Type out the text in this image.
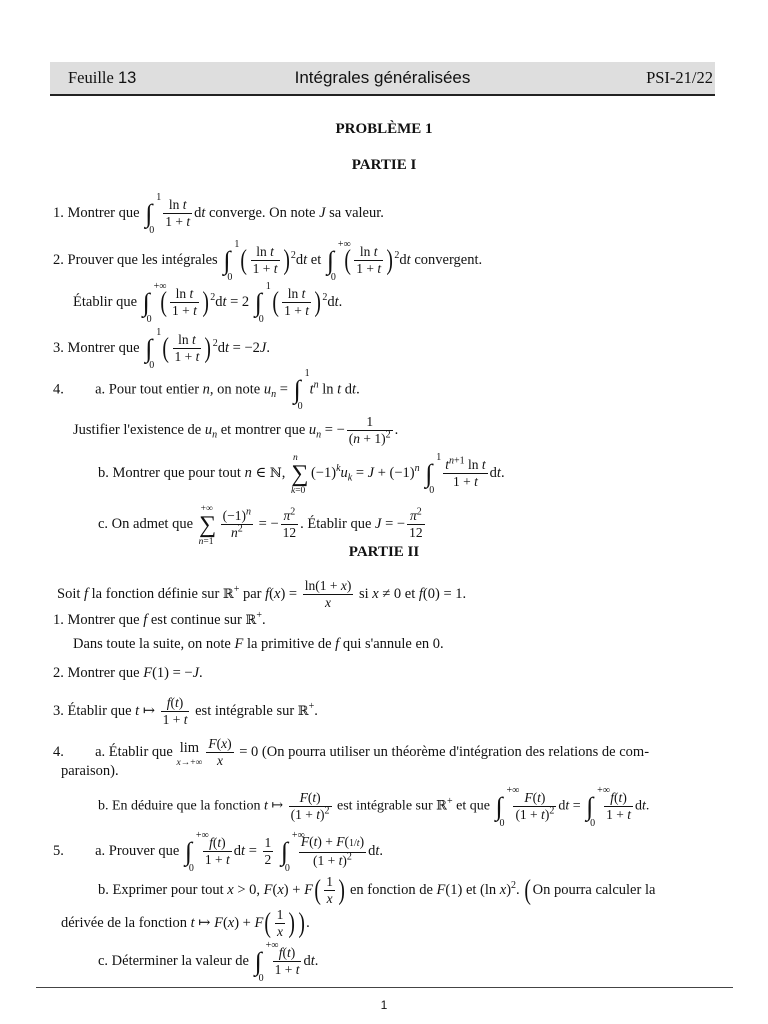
Feuille 13	Intégrales généralisées	PSI-21/22
PROBLÈME 1
PARTIE I
1. Montrer que ∫
1
$0 \frac{\text{ln t}}{1 + t}$ dt converge. On note J sa valeur.
2. Prouver que les intégrales ∫
1
0
( $\frac{\text{ln t}}{1 + t} )^2dt$ et ∫
+∞
0
( $\frac{\text{ln t}}{1 + t} )^2dt$ convergent.
Établir que ∫
+∞
0
( $\frac{\text{ln t}}{1 + t} )^2dt = 2$ ∫
1
0
( $\frac{\text{ln t}}{1 + t} )^2dt$.
3. Montrer que ∫
1
0
( $\frac{\text{ln t}}{1 + t} )^2dt = -2J$.
4. a. Pour tout entier n, on note $u_n$ = ∫
1
0
$t^n$ ln t dt.
Justifier l'existence de $u_n$ et montrer que $u_n$ = − $\frac{1}{(n + 1)^2}$ .
b. Montrer que pour tout n ∈ ℕ, ∑
n
k=0
$(-1)^ku_k = J + (-1)^n$ ∫
1
$0 \frac{t^{n+1} \ln t}{1 + t}$ dt.
c. On admet que ∑
+∞
n=1
$\frac{(-1)^n}{n^2}$ = − $\frac{\pi^2}{12}$ . Établir que J = − $\frac{\pi^2}{12}$
PARTIE II
Soit f la fonction définie sur ℝ+ par $f(x) = \frac{\ln(1 + x)}{x}$ si x ≠ 0 et f(0) = 1.
1. Montrer que f est continue sur ℝ+.
Dans toute la suite, on note F la primitive de f qui s'annule en 0.
2. Montrer que F(1) = −J.
3. Établir que t ↦ $\frac{f(t)}{1 + t}$ est intégrable sur ℝ+.
4. a. Établir que lim
$x\to+\infty \frac{F(x)}{x} = 0$ (On pourra utiliser un théorème d'intégration des relations de com-
paraison).
b. En déduire que la fonction t ↦ $\frac{F(t)}{(1 + t)^2}$ est intégrable sur ℝ+ et que ∫
+∞
$0 \frac{F(t)}{(1 + t)^2}$ dt = ∫
+∞
$0 \frac{f(t)}{1 + t}$ dt.
5. a. Prouver que ∫
+∞
$0 \frac{f(t)}{1 + t}$ dt = $\frac{1}{2}$ ∫
+∞
$0 \frac{F(t) + F(1/t)}{(1 + t)^2}$ dt.
b. Exprimer pour tout x > 0, $F(x) + F( \frac{1}{x}$ ) en fonction de F(1) et (ln x)$^2$. (On pourra calculer la
dérivée de la fonction t ↦ $F(x) + F( \frac{1}{x}$ )).
c. Déterminer la valeur de ∫
+∞
$0 \frac{f(t)}{1 + t}$ dt.
1
